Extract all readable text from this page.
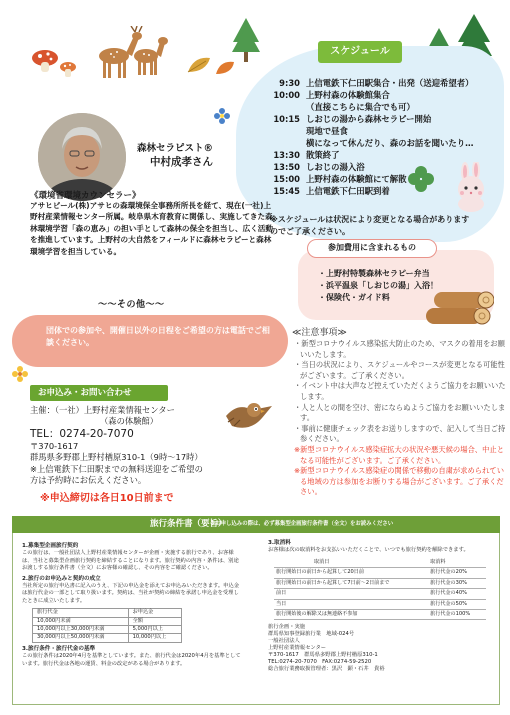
スケジュール
9:30 上信電鉄下仁田駅集合・出発（送迎希望者）
10:00 上野村森の体験館集合
（直接こちらに集合でも可）
10:15 しおじの湯から森林セラピー開始
現地で昼食
横になって休んだり、森のお話を聞いたり…
13:30 散策終了
13:50 しおじの湯入浴
15:00 上野村森の体験館にて解散
15:45 上信電鉄下仁田駅到着
※スケジュールは状況により変更となる場合がありますのでご了承ください。
森林セラピスト®
中村成孝さん
《環境省環境カウンセラー》
アサヒビール(株)アサヒの森環境保全事務所所長を経て、現在(一社)上野村産業情報センター所属。岐阜県木育教育に関係し、実施してきた森林環境学習「森の恵み」の担い手として森林の保全を担当し、広く活動を推進しています。上野村の大自然をフィールドに森林セラピーと森林環境学習を担当している。	参加費用に含まれるもの
・上野村特製森林セラピー弁当
・浜平温泉「しおじの湯」入浴！
・保険代・ガイド料
〜〜その他〜〜
団体での参加や、開催日以外の日程をご希望の方は電話でご相談ください。
お申込み・お問い合わせ
主催：（一社）上野村産業情報センター
（森の体験館）
TEL：0274-20-7070
〒370-1617
群馬県多野郡上野村楢原310-1（9時〜17時）
※上信電鉄下仁田駅までの無料送迎をご希望の
方は予約時にお伝えください。
※申込締切は各日10日前まで
≪注意事項≫
・新型コロナウイルス感染拡大防止のため、マスクの着用をお願いいたします。
・当日の状況により、スケジュールやコースが変更となる可能性がございます。ご了承ください。
・イベント中は大声など控えていただくようご協力をお願いいたします。
・人と人との間を空け、密にならぬようご協力をお願いいたします。
・事前に健康チェック表をお送りしますので、記入して当日ご持参ください。
※新型コロナウイルス感染症拡大の状況や悪天候の場合、中止となる可能性がございます。ご了承ください。
※新型コロナウイルス感染症の関係で移動の自粛が求められている地域の方は参加をお断りする場合がございます。ご了承ください。
旅行条件書（要旨）
※お申し込みの際は、必ず募集型企画旅行条件書（全文）をお読みください
1.募集型企画旅行契約
この旅行は、一般社団法人上野村産業情報センターが企画・実施する旅行であり、お客様は、当社と募集型企画旅行契約を締結することになります。旅行契約の内容・条件は、別途お渡しする旅行条件書（全文）にお客様の確認し、その内容をご確認ください。
2.旅行のお申込みと契約の成立
当社所定の旅行申込書に記入のうえ、下記の申込金を添えてお申込みいただきます。申込金は旅行代金の一部として取り扱います。契約は、当社が契約の締結を承諾し申込金を受理したときに成立いたします。
旅行代金	お申込金
10,000円未満	全額
10,000円以上30,000円未満	5,000円以上
30,000円以上50,000円未満	10,000円以上
3.旅行条件・旅行代金の基準
この旅行条件は2020年4月を基準としています。また、旅行代金は2020年4月を基準としています。旅行代金は各地の運賃、料金の改定がある場合があります。
3.取消料
お客様は次の取消料をお支払いいただくことで、いつでも旅行契約を解除できます。
取消日	取消料
旅行開始日の前日から起算して20日前	旅行代金の20%
旅行開始日の前日から起算して7日前〜2日前まで	旅行代金の30%
前日	旅行代金の40%
当日	旅行代金の50%
旅行開始後の解除又は無連絡不参加	旅行代金の100%
旅行企画・実施
群馬県知事登録旅行業　地域-024号
一般社団法人
上野村産業情報センター
〒370-1617　群馬県多野郡上野村楢原310-1
TEL:0274-20-7070　FAX:0274-59-2520
総合旅行業務取扱管理者：黒沢　顕・石井　貴裕
